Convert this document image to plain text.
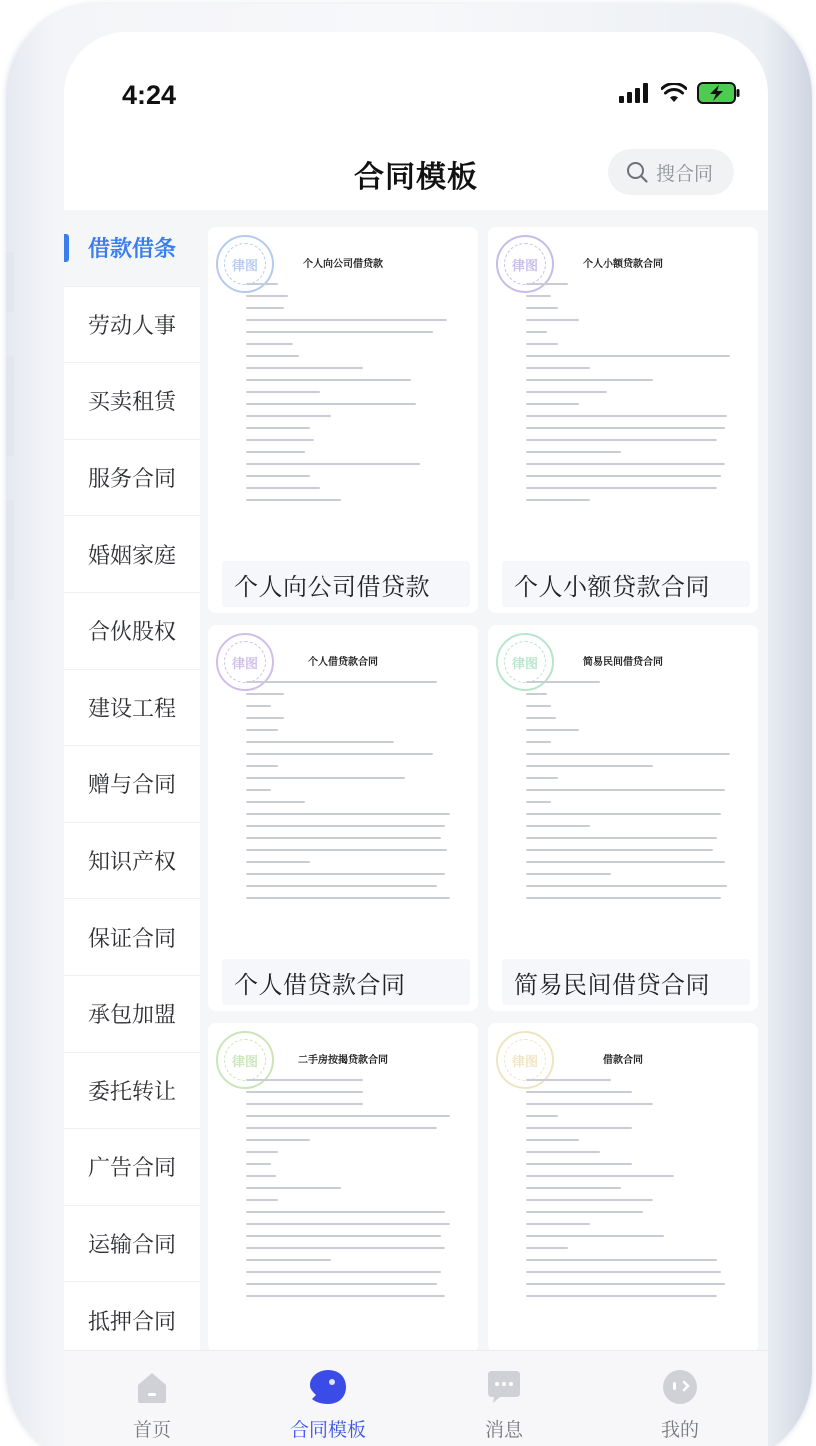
4:24
合同模板	搜合同
借款借条
劳动人事
买卖租赁
服务合同
婚姻家庭
合伙股权
建设工程
赠与合同
知识产权
保证合同
承包加盟
委托转让
广告合同
运输合同
抵押合同
律图	个人向公司借贷款
个人向公司借贷款
律图	个人小额贷款合同
个人小额贷款合同
律图	个人借贷款合同
个人借贷款合同
律图	简易民间借贷合同
简易民间借贷合同
律图	二手房按揭贷款合同	律图	借款合同
首页	合同模板	消息	我的
